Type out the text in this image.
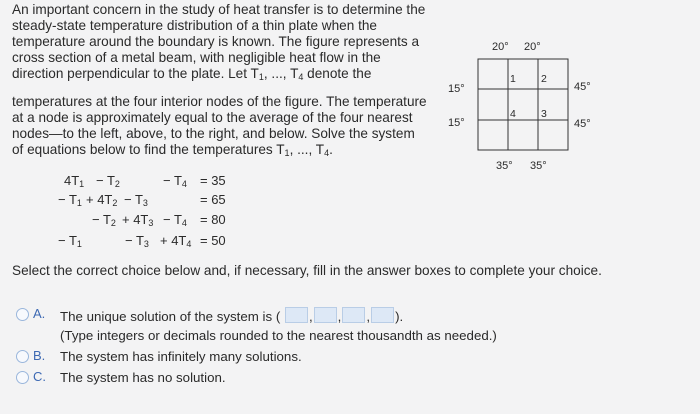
An important concern in the study of heat transfer is to determine the
steady-state temperature distribution of a thin plate when the
temperature around the boundary is known. The figure represents a
cross section of a metal beam, with negligible heat flow in the
direction perpendicular to the plate. Let $T_1$, ..., $T_4$ denote the
temperatures at the four interior nodes of the figure. The temperature
at a node is approximately equal to the average of the four nearest
nodes—to the left, above, to the right, and below. Solve the system
of equations below to find the temperatures $T_1$, ..., $T_4$.
20° 20°
15°
15°
45°
45°
35° 35°
1 2
3
4
$4T_1 - T_2$	− $T_4 = 35$
− $T_1 + 4T_2 - T_3$	= 65
− $T_2 + 4T_3 - T_4 = 80$
− $T_1$	− $T_3 + 4T_4 = 50$
Select the correct choice below and, if necessary, fill in the answer boxes to complete your choice.
A. The unique solution of the system is ( , , , ).
(Type integers or decimals rounded to the nearest thousandth as needed.)
B. The system has infinitely many solutions.
C. The system has no solution.
